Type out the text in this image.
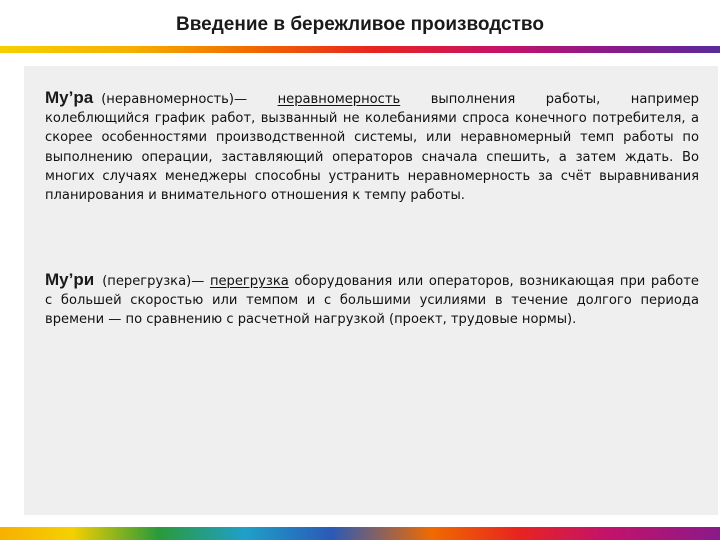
Введение в бережливое производство

Му’ра (неравномерность)— неравномерность выполнения работы, например колеблющийся график работ, вызванный не колебаниями спроса конечного потребителя, а скорее особенностями производственной системы, или неравномерный темп работы по выполнению операции, заставляющий операторов сначала спешить, а затем ждать. Во многих случаях менеджеры способны устранить неравномерность за счёт выравнивания планирования и внимательного отношения к темпу работы.

Му’ри (перегрузка)— перегрузка оборудования или операторов, возникающая при работе с большей скоростью или темпом и с большими усилиями в течение долгого периода времени — по сравнению с расчетной нагрузкой (проект, трудовые нормы).
